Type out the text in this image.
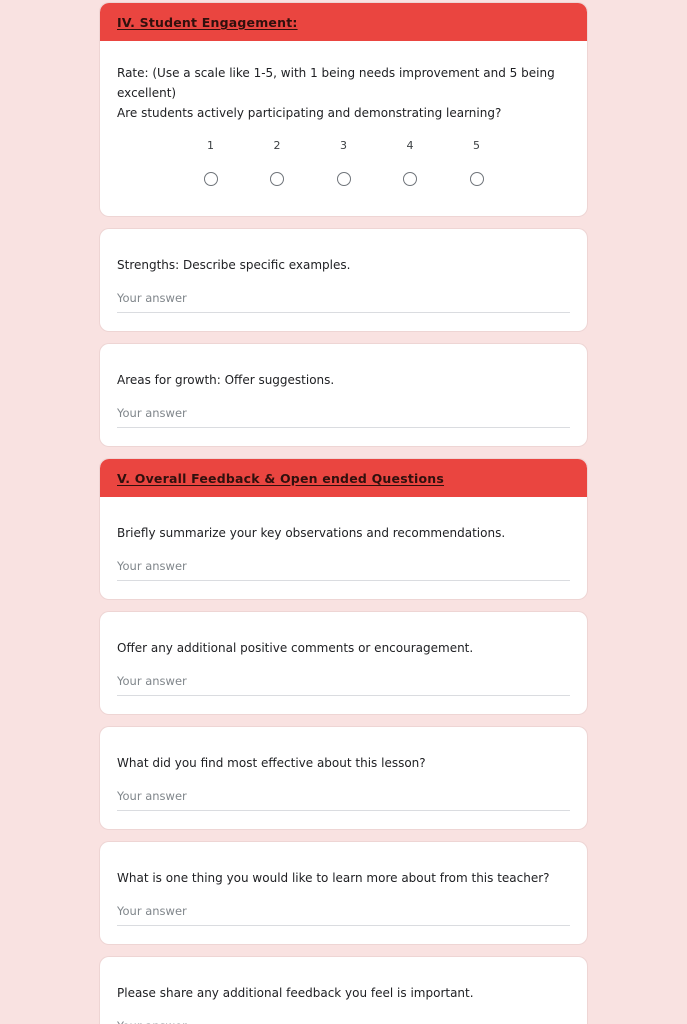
IV. Student Engagement:
Rate: (Use a scale like 1-5, with 1 being needs improvement and 5 being excellent)
Are students actively participating and demonstrating learning?
1	2	3	4	5
Strengths: Describe specific examples.
Your answer
Areas for growth: Offer suggestions.
Your answer
V. Overall Feedback & Open ended Questions
Briefly summarize your key observations and recommendations.
Your answer
Offer any additional positive comments or encouragement.
Your answer
What did you find most effective about this lesson?
Your answer
What is one thing you would like to learn more about from this teacher?
Your answer
Please share any additional feedback you feel is important.
Your answer
